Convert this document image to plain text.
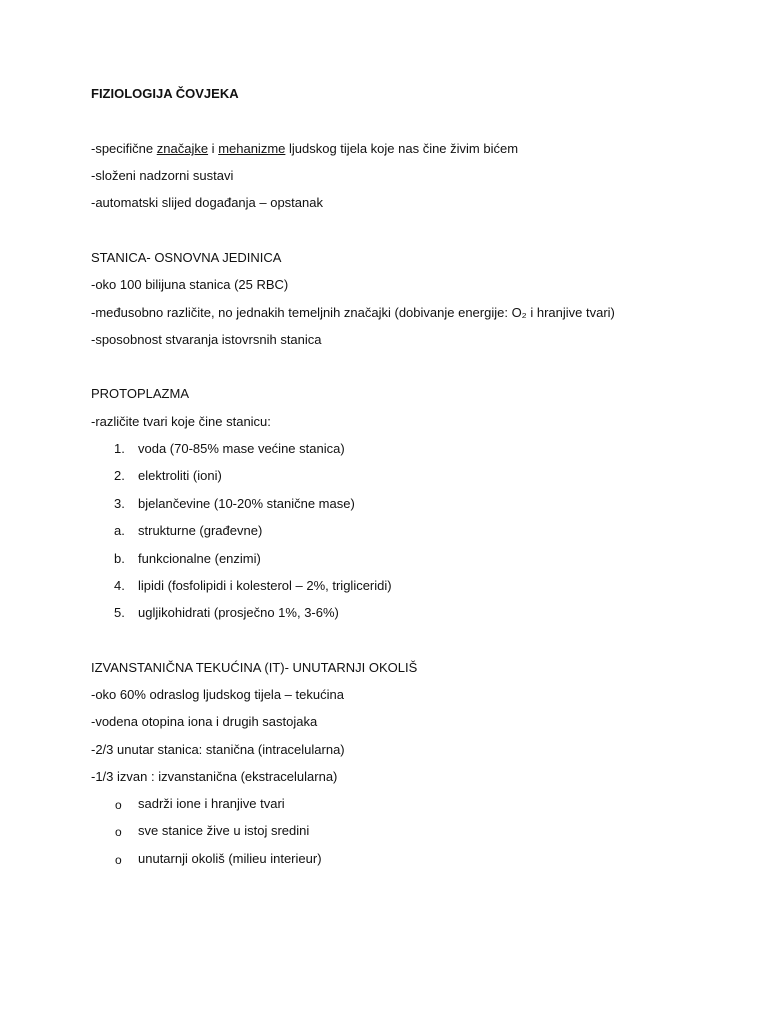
FIZIOLOGIJA ČOVJEKA
-specifične značajke i mehanizme ljudskog tijela koje nas čine živim bićem
-složeni nadzorni sustavi
-automatski slijed događanja – opstanak
STANICA- OSNOVNA JEDINICA
-oko 100 bilijuna stanica (25 RBC)
-međusobno različite, no jednakih temeljnih značajki (dobivanje energije: O₂ i hranjive tvari)
-sposobnost stvaranja istovrsnih stanica
PROTOPLAZMA
-različite tvari koje čine stanicu:
1. voda (70-85% mase većine stanica)
2. elektroliti (ioni)
3. bjelančevine (10-20% stanične mase)
a. strukturne (građevne)
b. funkcionalne (enzimi)
4. lipidi (fosfolipidi i kolesterol – 2%, trigliceridi)
5. ugljikohidrati (prosječno 1%, 3-6%)
IZVANSTANIČNA TEKUĆINA (IT)- UNUTARNJI OKOLIŠ
-oko 60% odraslog ljudskog tijela – tekućina
-vodena otopina iona i drugih sastojaka
-2/3 unutar stanica: stanična (intracelularna)
-1/3 izvan : izvanstanična (ekstracelularna)
o sadrži ione i hranjive tvari
o sve stanice žive u istoj sredini
o unutarnji okoliš (milieu interieur)
